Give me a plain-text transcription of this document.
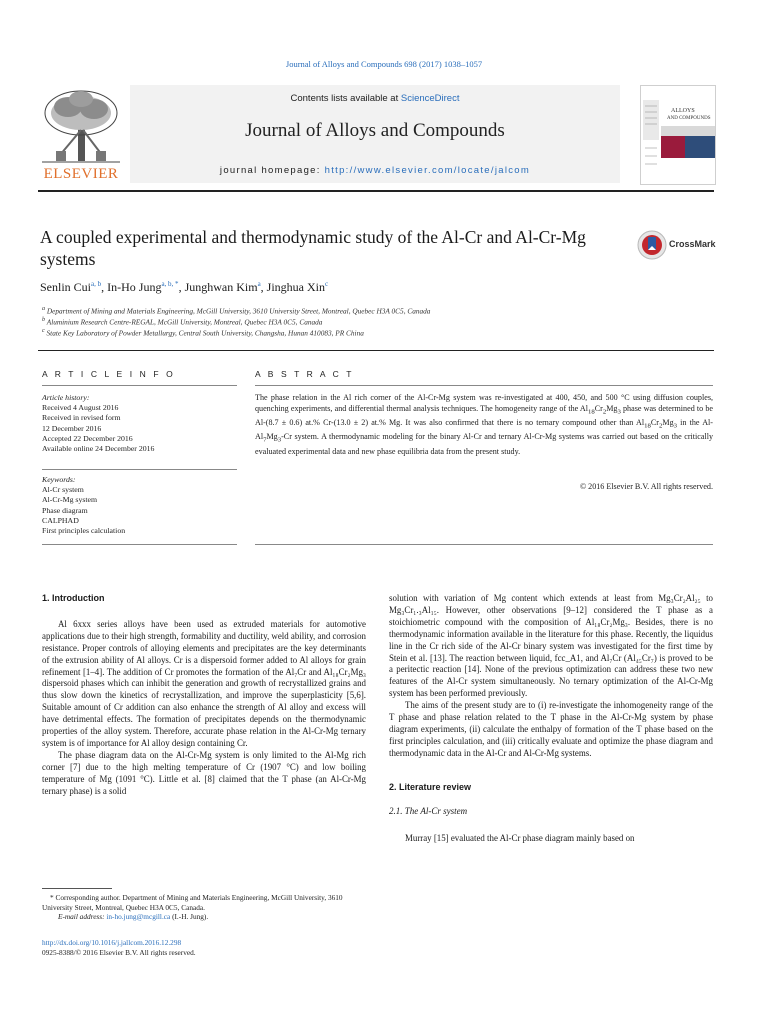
Journal of Alloys and Compounds 698 (2017) 1038–1057
ELSEVIER
Contents lists available at ScienceDirect
Journal of Alloys and Compounds
journal homepage: http://www.elsevier.com/locate/jalcom
ALLOYS
AND COMPOUNDS
A coupled experimental and thermodynamic study of the Al-Cr and Al-Cr-Mg systems
CrossMark
Senlin Cui$^{a, b}$, In-Ho Jung$^{a, b, *}$, Junghwan Kim$^a$, Jinghua Xin$^c$
$^a$ Department of Mining and Materials Engineering, McGill University, 3610 University Street, Montreal, Quebec H3A 0C5, Canada
$^b$ Aluminium Research Centre-REGAL, McGill University, Montreal, Quebec H3A 0C5, Canada
$^c$ State Key Laboratory of Powder Metallurgy, Central South University, Changsha, Hunan 410083, PR China
A R T I C L E I N F O
Article history:
Received 4 August 2016
Received in revised form
12 December 2016
Accepted 22 December 2016
Available online 24 December 2016
Keywords:
Al-Cr system
Al-Cr-Mg system
Phase diagram
CALPHAD
First principles calculation
A B S T R A C T
The phase relation in the Al rich corner of the Al-Cr-Mg system was re-investigated at 400, 450, and 500 °C using diffusion couples, quenching experiments, and differential thermal analysis techniques. The homogeneity range of the $Al_{18}Cr_2Mg_3$ phase was determined to be Al-(8.7 ± 0.6) at.% Cr-(13.0 ± 2) at.% Mg. It was also confirmed that there is no ternary compound other than $Al_{18}Cr_2Mg_3$ in the $Al-Al_7Mg_3-Cr$ system. A thermodynamic modeling for the binary Al-Cr and ternary Al-Cr-Mg systems was carried out based on the critically evaluated experimental data and new phase equilibria data from the present study.
© 2016 Elsevier B.V. All rights reserved.
1. Introduction

Al 6xxx series alloys have been used as extruded materials for automotive applications due to their high strength, formability and ductility, weld ability, and corrosion resistance. Proper controls of alloying elements and precipitates are the key determinants of the extrusion ability of Al alloys. Cr is a dispersoid former added to Al alloys for grain refinement [1–4]. The addition of Cr promotes the formation of the Al₇Cr and Al₁₈Cr₂Mg₃ dispersoid phases which can inhibit the generation and growth of recrystallized grains and thus slow down the kinetics of recrystallization, and improve the superplasticity [5,6]. Suitable amount of Cr addition can also enhance the strength of Al alloy and excess will have detrimental effects. The formation of precipitates depends on the thermodynamic properties of the alloy system. Therefore, accurate phase relation in the Al-Cr-Mg ternary system is of importance for Al alloy design containing Cr.

The phase diagram data on the Al-Cr-Mg system is only limited to the Al-Mg rich corner [7] due to the high melting temperature of Cr (1907 °C) and low boiling temperature of Mg (1091 °C). Little et al. [8] claimed that the T phase (an Al-Cr-Mg ternary phase) is a solid

* Corresponding author. Department of Mining and Materials Engineering, McGill University, 3610 University Street, Montreal, Quebec H3A 0C5, Canada.
E-mail address: in-ho.jung@mcgill.ca (I.-H. Jung).
http://dx.doi.org/10.1016/j.jallcom.2016.12.298
0925-8388/© 2016 Elsevier B.V. All rights reserved.

solution with variation of Mg content which extends at least from Mg₃Cr₂Al₂₅ to Mg₃Cr₁.₃Al₁₅. However, other observations [9–12] considered the T phase as a stoichiometric compound with the composition of Al₁₈Cr₂Mg₃. Besides, there is no thermodynamic information available in the literature for this phase. Recently, the liquidus line in the Cr rich side of the Al-Cr binary system was investigated for the first time by Stein et al. [13]. The reaction between liquid, fcc_A1, and Al₇Cr (Al₄₅Cr₇) is proved to be a peritectic reaction [14]. None of the previous optimization can address these two new features of the Al-Cr system simultaneously. No ternary optimization of the Al-Cr-Mg system has been performed previously.

The aims of the present study are to (i) re-investigate the inhomogeneity range of the T phase and phase relation related to the T phase in the Al-Cr-Mg system by phase diagram experiments, (ii) calculate the enthalpy of formation of the T phase based on the first principles calculation, and (iii) critically evaluate and optimize the phase diagram and thermodynamic data in the Al-Cr and Al-Cr-Mg systems.

2. Literature review
2.1. The Al-Cr system

Murray [15] evaluated the Al-Cr phase diagram mainly based on
